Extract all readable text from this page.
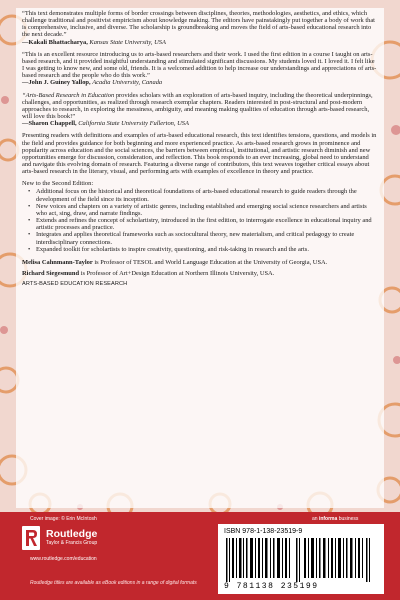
“This text demonstrates multiple forms of border crossings between disciplines, theories, methodologies, aesthetics, and ethics, which challenge traditional and positivist empiricism about knowledge making. The editors have painstakingly put together a body of work that is comprehensive, inclusive, and diverse. The scholarship is groundbreaking and moves the field of arts-based educational research into the next decade.”

—Kakali Bhattacharya, Kansas State University, USA

“This is an excellent resource introducing us to arts-based researchers and their work. I used the first edition in a course I taught on arts-based research, and it provided insightful understanding and stimulated significant discussions. My students loved it. I loved it. I felt like I was getting to know new, and some old, friends. It is a welcomed addition to help increase our understandings and appreciations of arts-based research and the people who do this work.”

—John J. Guiney Yallop, Acadia University, Canada

“Arts-Based Research in Education provides scholars with an exploration of arts-based inquiry, including the theoretical underpinnings, challenges, and opportunities, as realized through research exemplar chapters. Readers interested in post-structural and post-modern approaches to research, in exploring the messiness, ambiguity, and meaning making qualities of education through arts-based research, will love this book!”

—Sharon Chappell, California State University Fullerton, USA

Presenting readers with definitions and examples of arts-based educational research, this text identifies tensions, questions, and models in the field and provides guidance for both beginning and more experienced practice. As arts-based research grows in prominence and popularity across education and the social sciences, the barriers between empirical, institutional, and artistic research diminish and new opportunities emerge for discussion, consideration, and reflection. This book responds to an ever increasing, global need to understand and navigate this evolving domain of research. Featuring a diverse range of contributors, this text weaves together critical essays about arts-based research in the literary, visual, and performing arts with examples of excellence in theory and practice.

New to the Second Edition:

• Additional focus on the historical and theoretical foundations of arts-based educational research to guide readers through the development of the field since its inception.
• New voices and chapters on a variety of artistic genres, including established and emerging social science researchers and artists who act, sing, draw, and narrate findings.
• Extends and refines the concept of scholartistry, introduced in the first edition, to interrogate excellence in educational inquiry and artistic processes and practice.
• Integrates and applies theoretical frameworks such as sociocultural theory, new materialism, and critical pedagogy to create interdisciplinary connections.
• Expanded toolkit for scholartists to inspire creativity, questioning, and risk-taking in research and the arts.

Melisa Cahnmann-Taylor is Professor of TESOL and World Language Education at the University of Georgia, USA.

Richard Siegesmund is Professor of Art+Design Education at Northern Illinois University, USA.

ARTS-BASED EDUCATION RESEARCH

Cover image: © Erin McIntosh
Routledge
Taylor & Francis Group
www.routledge.com/education
Routledge titles are available as eBook editions in a range of digital formats
an informa business
ISBN 978-1-138-23519-9
9 781138 235199
